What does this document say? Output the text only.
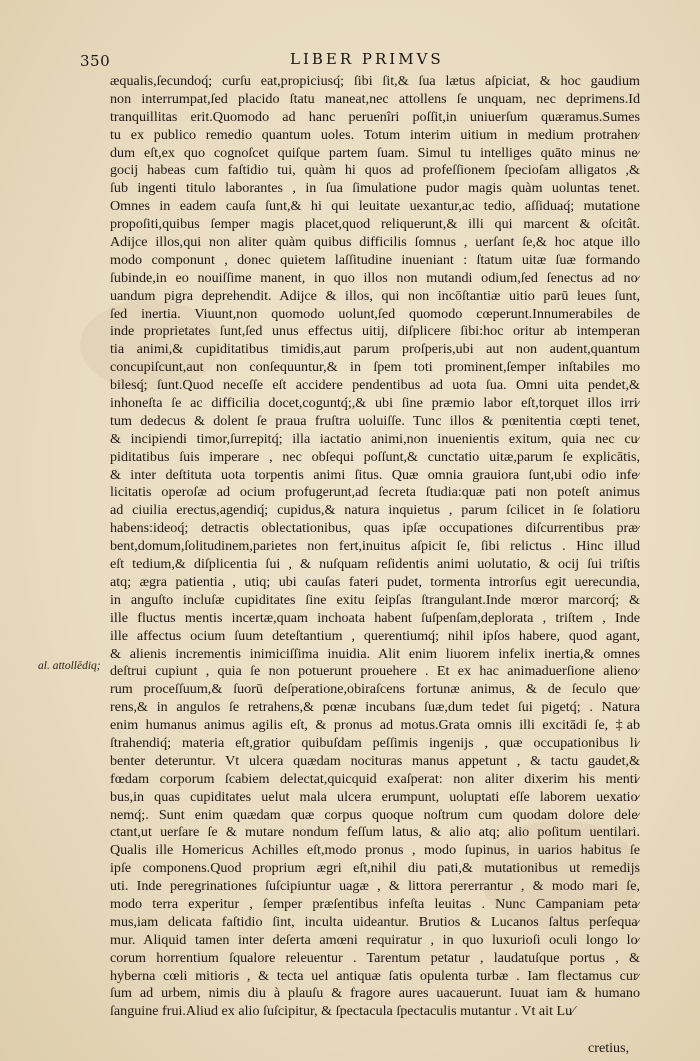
350	LIBER PRIMVS
al. attollēdiq;
æqualis,ſecundoq́; curſu eat,propiciusq́; ſibi ſit,& ſua lætus aſpiciat, & hoc gaudium
non interrumpat,ſed placido ſtatu maneat,nec attollens ſe unquam, nec deprimens.Id
tranquillitas erit.Quomodo ad hanc peruenîri poſſit,in uniuerſum quæramus.Sumes
tu ex publico remedio quantum uoles. Totum interim uitium in medium protrahen⁄
dum eſt,ex quo cognoſcet quiſque partem ſuam. Simul tu intelliges quāto minus ne⁄
gocij habeas cum faſtidio tui, quàm hi quos ad profeſſionem ſpecioſam alligatos ,&
ſub ingenti titulo laborantes , in ſua ſimulatione pudor magis quàm uoluntas tenet.
Omnes in eadem cauſa ſunt,& hi qui leuitate uexantur,ac tedio, aſſiduaq́; mutatione
propoſiti,quibus ſemper magis placet,quod reliquerunt,& illi qui marcent & oſcitât.
Adijce illos,qui non aliter quàm quibus difficilis ſomnus , uerſant ſe,& hoc atque illo
modo componunt , donec quietem laſſitudine inueniant : ſtatum uitæ ſuæ formando
ſubinde,in eo nouiſſime manent, in quo illos non mutandi odium,ſed ſenectus ad no⁄
uandum pigra deprehendit. Adijce & illos, qui non incōſtantiæ uitio parū leues ſunt,
ſed inertia. Viuunt,non quomodo uolunt,ſed quomodo cœperunt.Innumerabiles de
inde proprietates ſunt,ſed unus effectus uitij, diſplicere ſibi:hoc oritur ab intemperan
tia animi,& cupiditatibus timidis,aut parum proſperis,ubi aut non audent,quantum
concupiſcunt,aut non conſequuntur,& in ſpem toti prominent,ſemper inſtabiles mo
bilesq́; ſunt.Quod neceſſe eſt accidere pendentibus ad uota ſua. Omni uita pendet,&
inhoneſta ſe ac difficilia docet,coguntq́;,& ubi ſine præmio labor eſt,torquet illos irri⁄
tum dedecus & dolent ſe praua fruſtra uoluiſſe. Tunc illos & pœnitentia cœpti tenet,
& incipiendi timor,ſurrepitq́; illa iactatio animi,non inuenientis exitum, quia nec cu⁄
piditatibus ſuis imperare , nec obſequi poſſunt,& cunctatio uitæ,parum ſe explicātis,
& inter deſtituta uota torpentis animi ſitus. Quæ omnia grauiora ſunt,ubi odio infe⁄
licitatis operoſæ ad ocium profugerunt,ad ſecreta ſtudia:quæ pati non poteſt animus
ad ciuilia erectus,agendiq́; cupidus,& natura inquietus , parum ſcilicet in ſe ſolatioru
habens:ideoq́; detractis oblectationibus, quas ipſæ occupationes diſcurrentibus præ⁄
bent,domum,ſolitudinem,parietes non fert,inuitus aſpicit ſe, ſibi relictus . Hinc illud
eſt tedium,& diſplicentia ſui , & nuſquam reſidentis animi uolutatio, & ocij ſui triſtis
atq; ægra patientia , utiq; ubi cauſas fateri pudet, tormenta introrſus egit uerecundia,
in anguſto incluſæ cupiditates ſine exitu ſeipſas ſtrangulant.Inde mœror marcorq́; &
ille fluctus mentis incertæ,quam inchoata habent ſuſpenſam,deplorata , triſtem , Inde
ille affectus ocium ſuum deteſtantium , querentiumq́; nihil ipſos habere, quod agant,
& alienis incrementis inimiciſſima inuidia. Alit enim liuorem infelix inertia,& omnes
deſtrui cupiunt , quia ſe non potuerunt prouehere . Et ex hac animaduerſione alieno⁄
rum proceſſuum,& ſuorū deſperatione,obiraſcens fortunæ animus, & de ſeculo que⁄
rens,& in angulos ſe retrahens,& pœnæ incubans ſuæ,dum tedet ſui pigetq́; . Natura
enim humanus animus agilis eſt, & pronus ad motus.Grata omnis illi excitādi ſe, ‡ab
ſtrahendiq́; materia eſt,gratior quibuſdam peſſimis ingenijs , quæ occupationibus li⁄
benter deteruntur. Vt ulcera quædam nocituras manus appetunt , & tactu gaudet,&
fœdam corporum ſcabiem delectat,quicquid exaſperat: non aliter dixerim his menti⁄
bus,in quas cupiditates uelut mala ulcera erumpunt, uoluptati eſſe laborem uexatio⁄
nemq́;. Sunt enim quædam quæ corpus quoque noſtrum cum quodam dolore dele⁄
ctant,ut uerſare ſe & mutare nondum feſſum latus, & alio atq; alio poſitum uentilari.
Qualis ille Homericus Achilles eſt,modo pronus , modo ſupinus, in uarios habitus ſe
ipſe componens.Quod proprium ægri eſt,nihil diu pati,& mutationibus ut remedijs
uti. Inde peregrinationes ſuſcipiuntur uagæ , & littora pererrantur , & modo mari ſe,
modo terra experitur , ſemper præſentibus infeſta leuitas . Nunc Campaniam peta⁄
mus,iam delicata faſtidio ſint, inculta uideantur. Brutios & Lucanos ſaltus perſequa⁄
mur. Aliquid tamen inter deſerta amœni requiratur , in quo luxurioſi oculi longo lo⁄
corum horrentium ſqualore releuentur . Tarentum petatur , laudatuſque portus , &
hyberna cœli mitioris , & tecta uel antiquæ ſatis opulenta turbæ . Iam flectamus cur⁄
ſum ad urbem, nimis diu à plauſu & fragore aures uacauerunt. Iuuat iam & humano
ſanguine frui.Aliud ex alio ſuſcipitur, & ſpectacula ſpectaculis mutantur . Vt ait Lu⁄
cretius,
